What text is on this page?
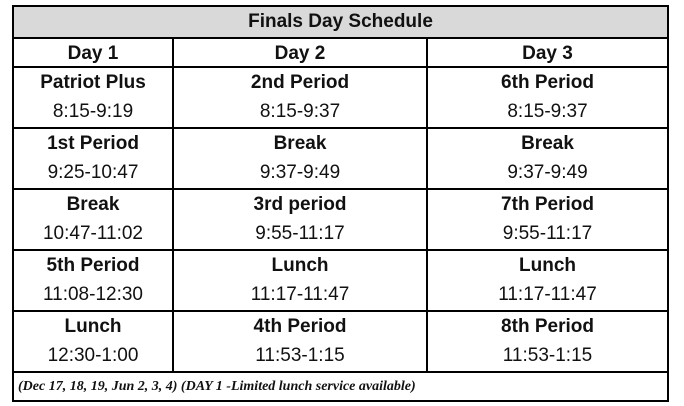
Finals Day Schedule
Day 1	Day 2	Day 3
Patriot Plus
8:15-9:19
2nd Period
8:15-9:37
6th Period
8:15-9:37
1st Period
9:25-10:47
Break
9:37-9:49
Break
9:37-9:49
Break
10:47-11:02
3rd period
9:55-11:17
7th Period
9:55-11:17
5th Period
11:08-12:30
Lunch
11:17-11:47
Lunch
11:17-11:47
Lunch
12:30-1:00
4th Period
11:53-1:15
8th Period
11:53-1:15
(Dec 17, 18, 19, Jun 2, 3, 4) (DAY 1 -Limited lunch service available)
